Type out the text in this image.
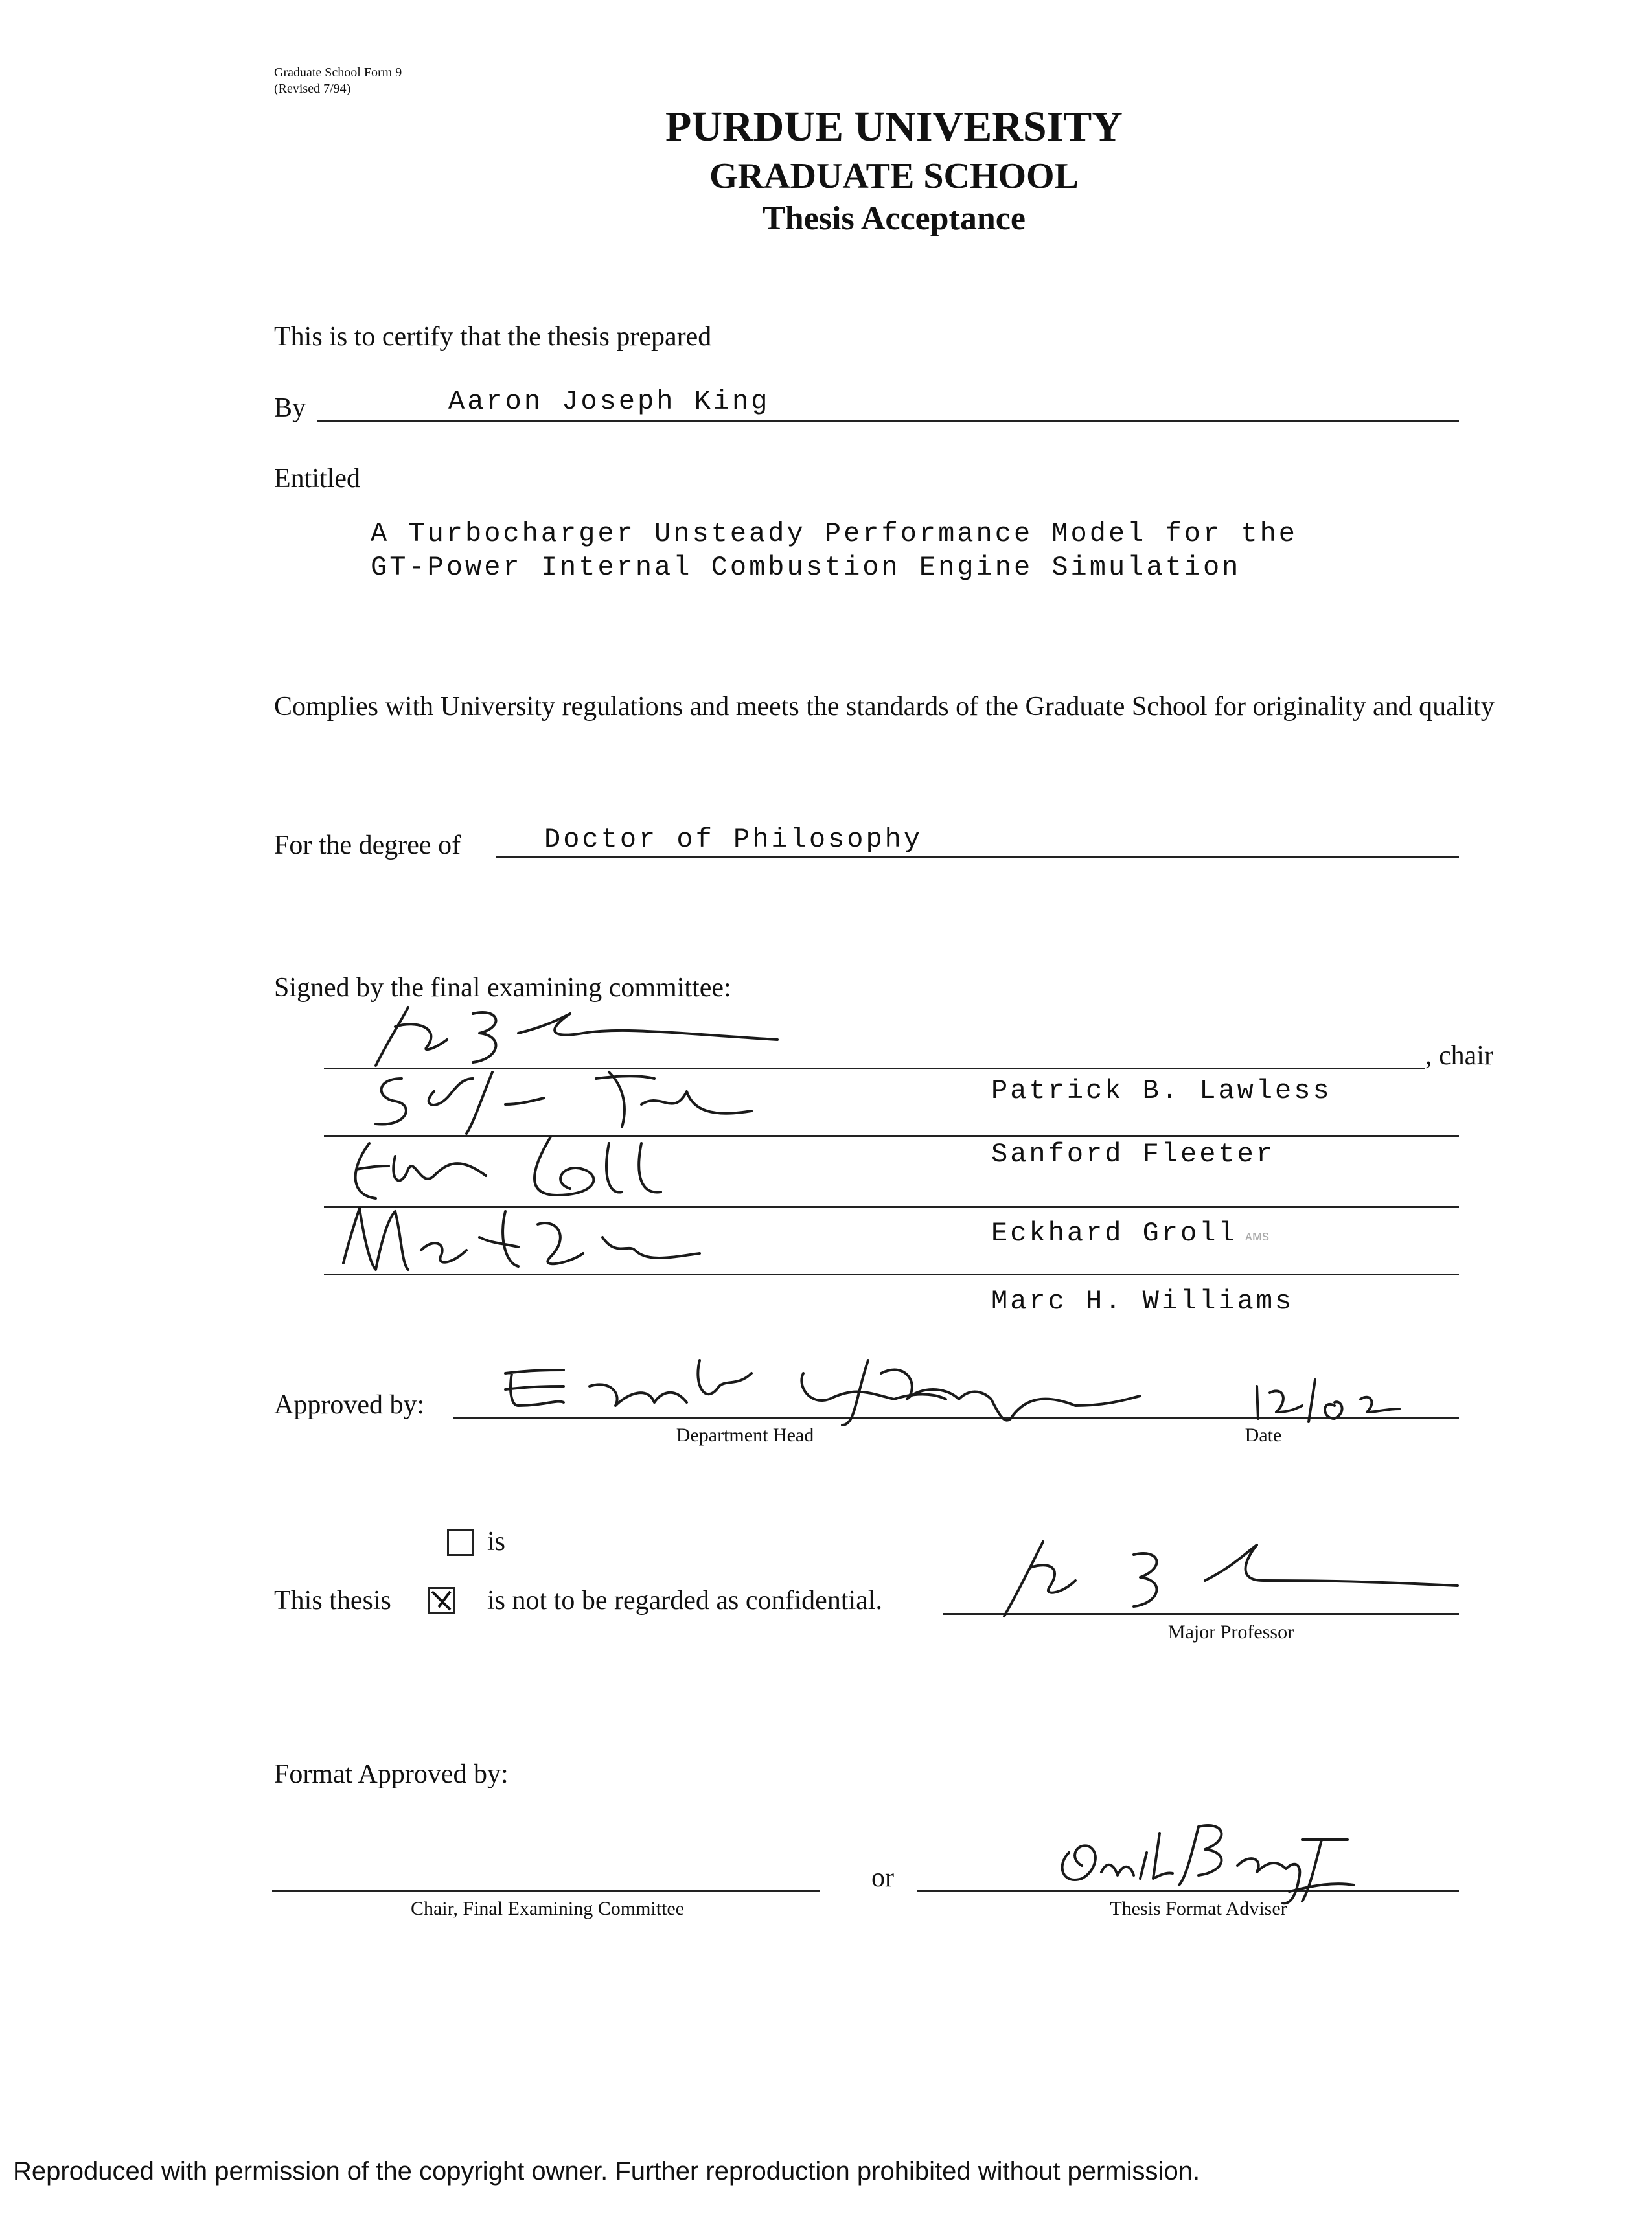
Graduate School Form 9
(Revised 7/94)
PURDUE UNIVERSITY
GRADUATE SCHOOL
Thesis Acceptance
This is to certify that the thesis prepared
By	Aaron Joseph King
Entitled
A Turbocharger Unsteady Performance Model for the
GT-Power Internal Combustion Engine Simulation
Complies with University regulations and meets the standards of the Graduate School for originality and quality
For the degree of	Doctor of Philosophy
Signed by the final examining committee:
, chair
Patrick B. Lawless
Sanford Fleeter
Eckhard Groll ᴀᴍs
Marc H. Williams
Approved by:
Department Head	Date
is
This thesis	is not to be regarded as confidential.
Major Professor
Format Approved by:
Chair, Final Examining Committee
or
Thesis Format Adviser
Reproduced with permission of the copyright owner. Further reproduction prohibited without permission.
